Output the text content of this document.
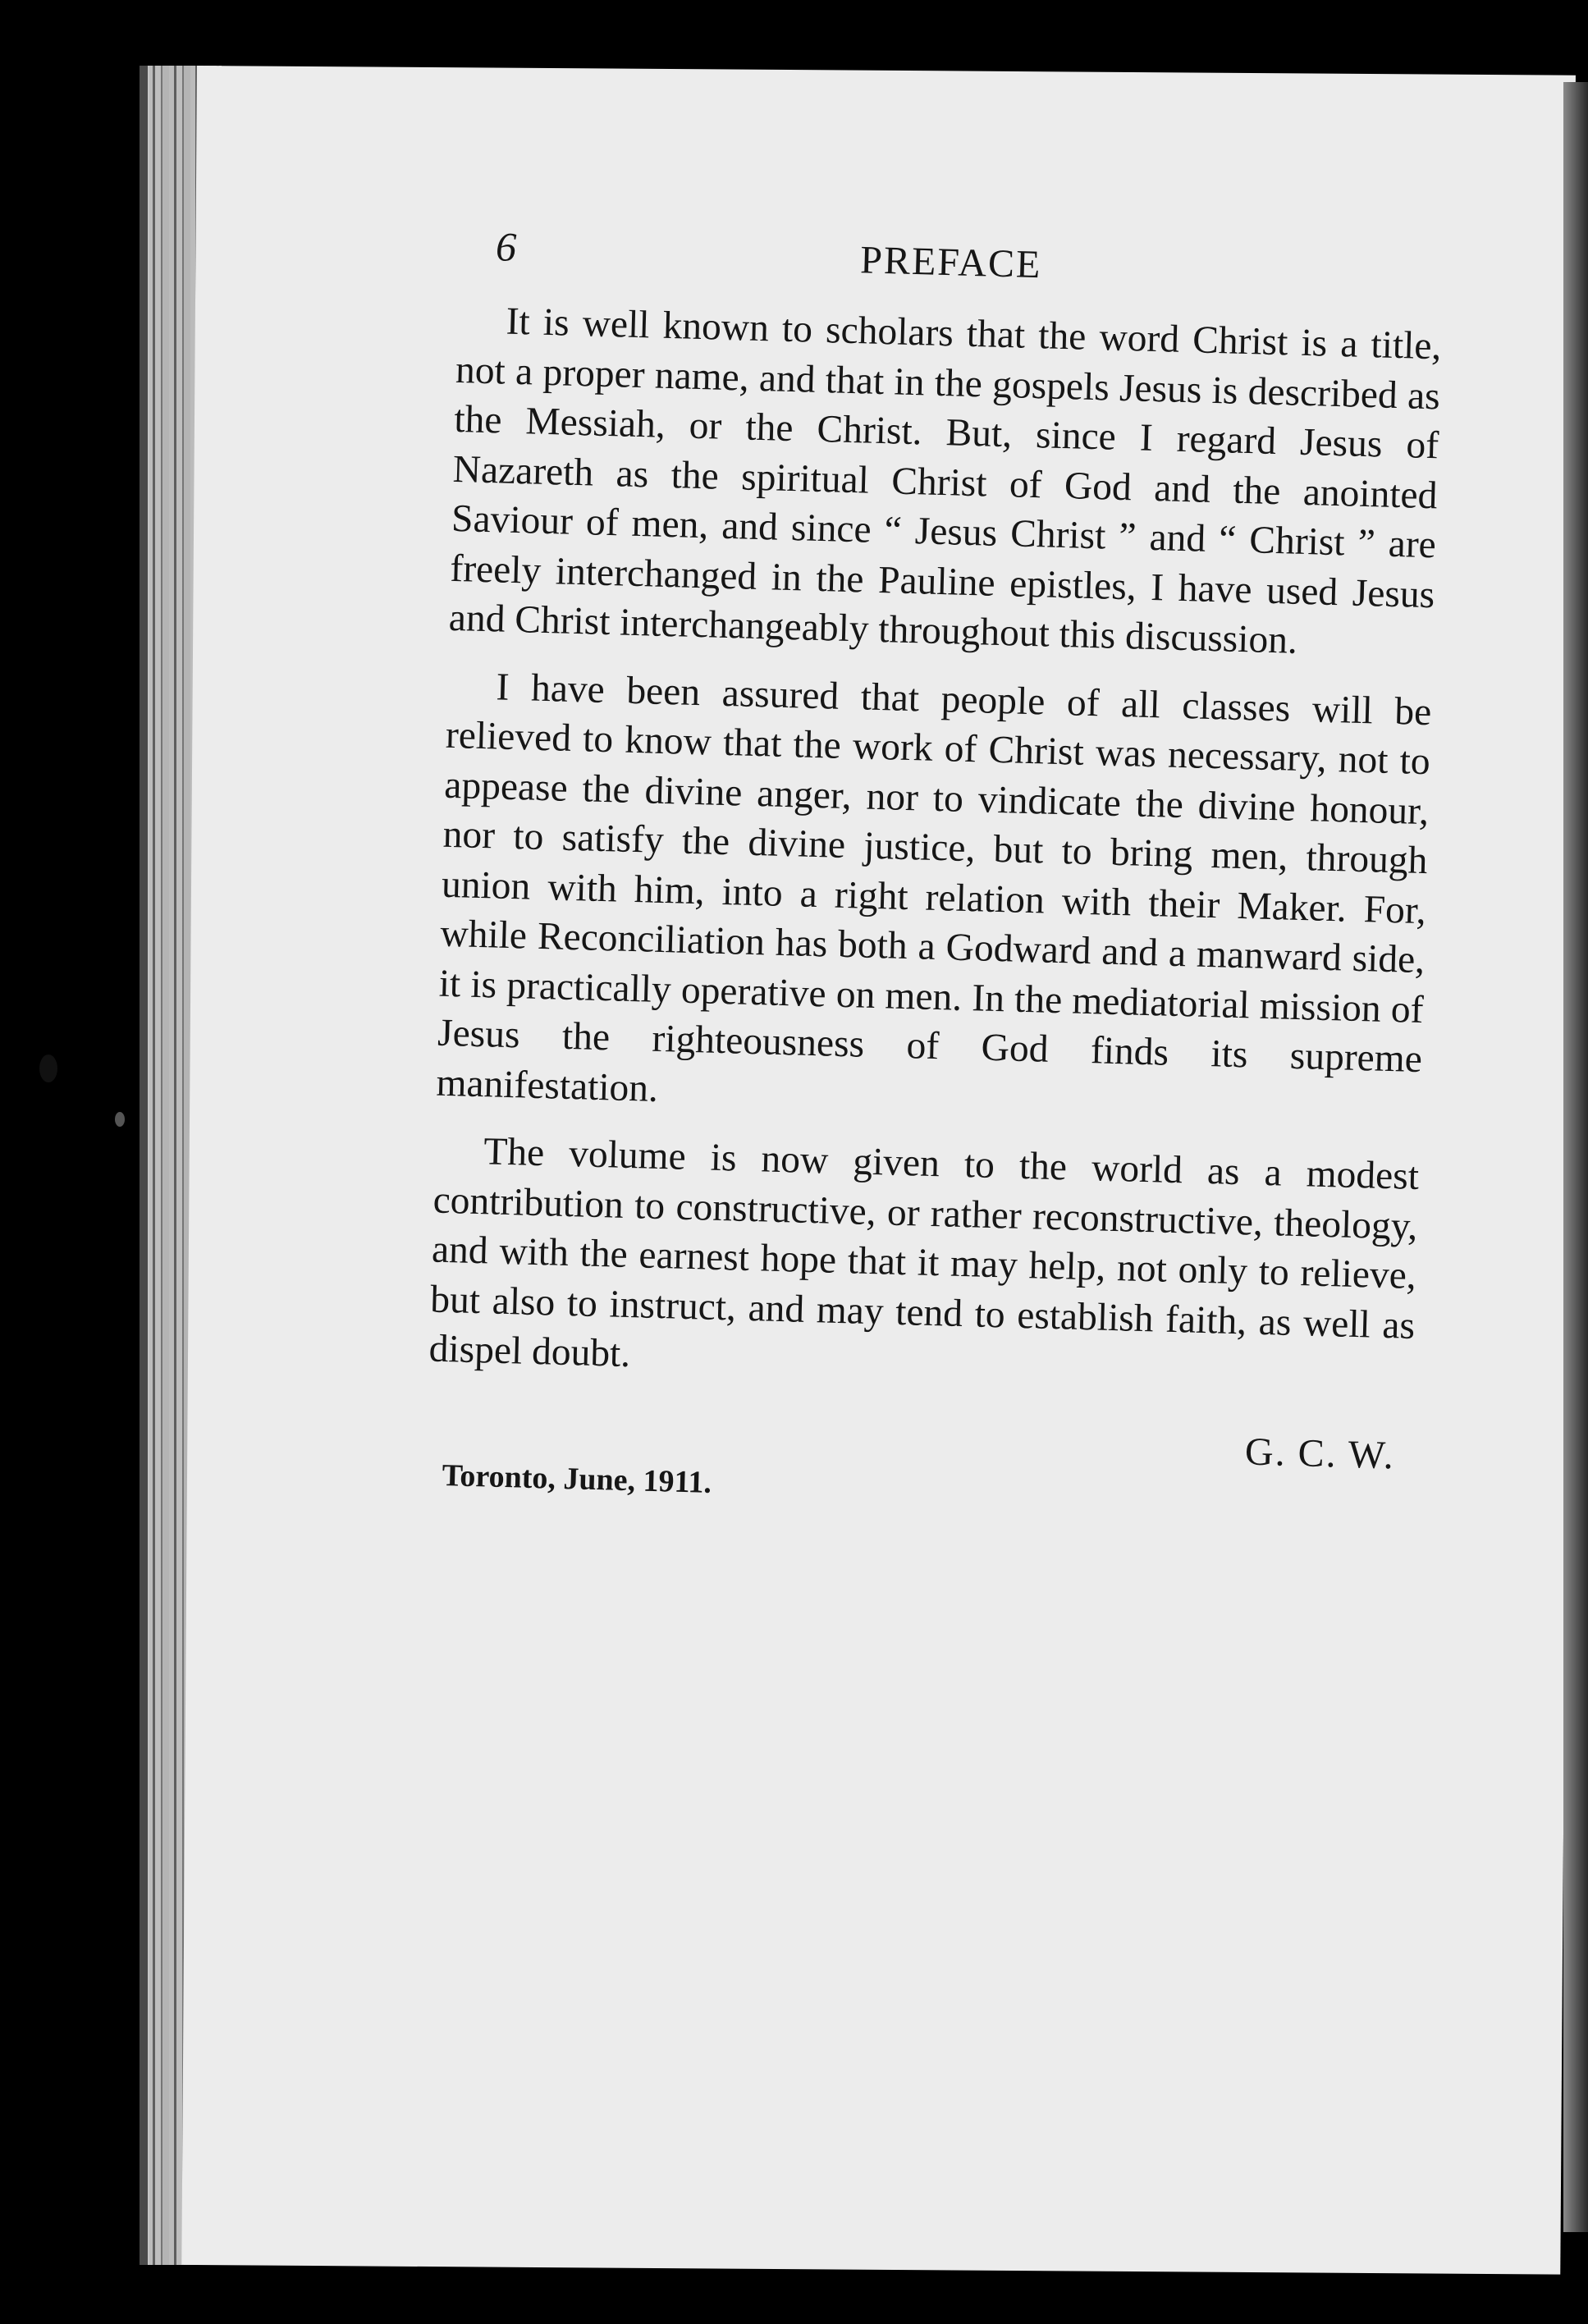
6	PREFACE

It is well known to scholars that the word Christ is a title, not a proper name, and that in the gospels Jesus is described as the Messiah, or the Christ. But, since I regard Jesus of Nazareth as the spiritual Christ of God and the anointed Saviour of men, and since “ Jesus Christ ” and “ Christ ” are freely interchanged in the Pauline epistles, I have used Jesus and Christ interchangeably throughout this discussion.

I have been assured that people of all classes will be relieved to know that the work of Christ was necessary, not to appease the divine anger, nor to vindicate the divine honour, nor to satisfy the divine justice, but to bring men, through union with him, into a right relation with their Maker. For, while Reconciliation has both a Godward and a manward side, it is practically operative on men. In the mediatorial mission of Jesus the righteousness of God finds its supreme manifestation.

The volume is now given to the world as a modest contribution to constructive, or rather reconstructive, theology, and with the earnest hope that it may help, not only to relieve, but also to instruct, and may tend to establish faith, as well as dispel doubt.

G. C. W.
Toronto, June, 1911.
